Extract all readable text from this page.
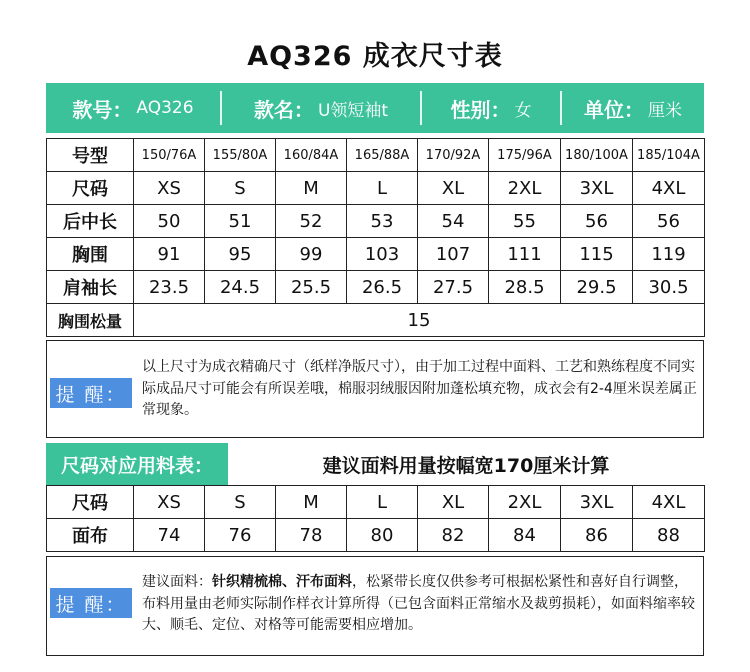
AQ326 成衣尺寸表
款号： AQ326	款名： U领短袖t	性别： 女	单位： 厘米
号型	150/76A	155/80A	160/84A	165/88A	170/92A	175/96A	180/100A	185/104A
尺码	XS	S	M	L	XL	2XL	3XL	4XL
后中长	50	51	52	53	54	55	56	56
胸围	91	95	99	103	107	111	115	119
肩袖长	23.5	24.5	25.5	26.5	27.5	28.5	29.5	30.5
胸围松量	15							
提 醒：
以上尺寸为成衣精确尺寸（纸样净版尺寸），由于加工过程中面料、工艺和熟练程度不同实际成品尺寸可能会有所误差哦，棉服羽绒服因附加蓬松填充物，成衣会有2-4厘米误差属正常现象。
尺码对应用料表：	建议面料用量按幅宽170厘米计算
尺码	XS	S	M	L	XL	2XL	3XL	4XL
面布	74	76	78	80	82	84	86	88
提 醒：
建议面料：针织精梳棉、汗布面料，松紧带长度仅供参考可根据松紧性和喜好自行调整，布料用量由老师实际制作样衣计算所得（已包含面料正常缩水及裁剪损耗），如面料缩率较大、顺毛、定位、对格等可能需要相应增加。
